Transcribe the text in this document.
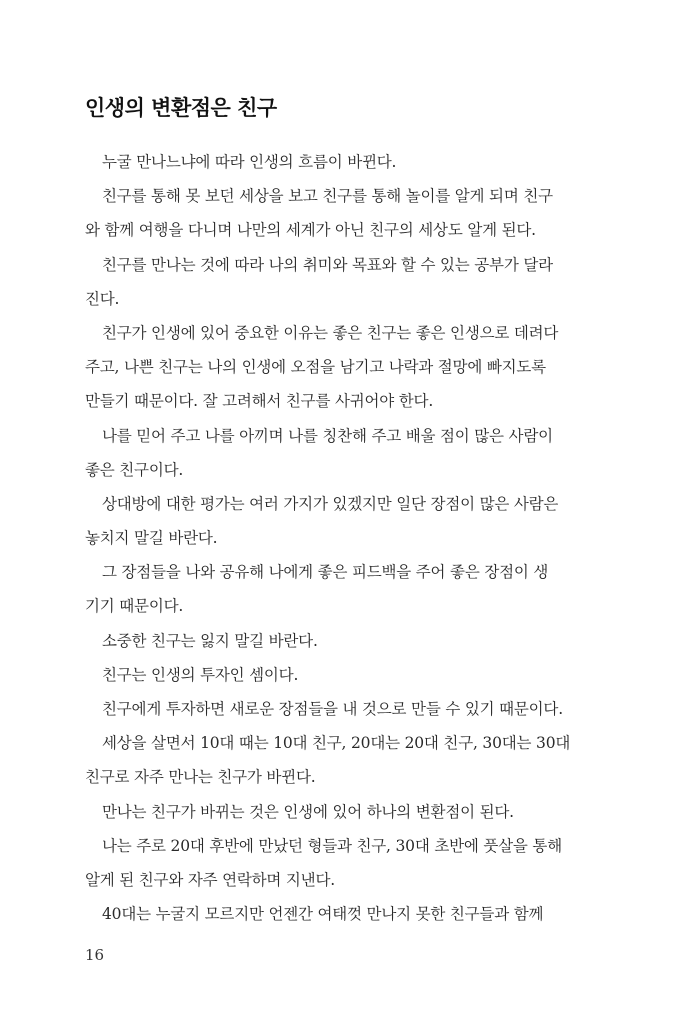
인생의 변환점은 친구
누굴 만나느냐에 따라 인생의 흐름이 바뀐다.
친구를 통해 못 보던 세상을 보고 친구를 통해 놀이를 알게 되며 친구
와 함께 여행을 다니며 나만의 세계가 아닌 친구의 세상도 알게 된다.
친구를 만나는 것에 따라 나의 취미와 목표와 할 수 있는 공부가 달라
진다.
친구가 인생에 있어 중요한 이유는 좋은 친구는 좋은 인생으로 데려다
주고, 나쁜 친구는 나의 인생에 오점을 남기고 나락과 절망에 빠지도록
만들기 때문이다. 잘 고려해서 친구를 사귀어야 한다.
나를 믿어 주고 나를 아끼며 나를 칭찬해 주고 배울 점이 많은 사람이
좋은 친구이다.
상대방에 대한 평가는 여러 가지가 있겠지만 일단 장점이 많은 사람은
놓치지 말길 바란다.
그 장점들을 나와 공유해 나에게 좋은 피드백을 주어 좋은 장점이 생
기기 때문이다.
소중한 친구는 잃지 말길 바란다.
친구는 인생의 투자인 셈이다.
친구에게 투자하면 새로운 장점들을 내 것으로 만들 수 있기 때문이다.
세상을 살면서 10대 때는 10대 친구, 20대는 20대 친구, 30대는 30대
친구로 자주 만나는 친구가 바뀐다.
만나는 친구가 바뀌는 것은 인생에 있어 하나의 변환점이 된다.
나는 주로 20대 후반에 만났던 형들과 친구, 30대 초반에 풋살을 통해
알게 된 친구와 자주 연락하며 지낸다.
40대는 누굴지 모르지만 언젠간 여태껏 만나지 못한 친구들과 함께
16
